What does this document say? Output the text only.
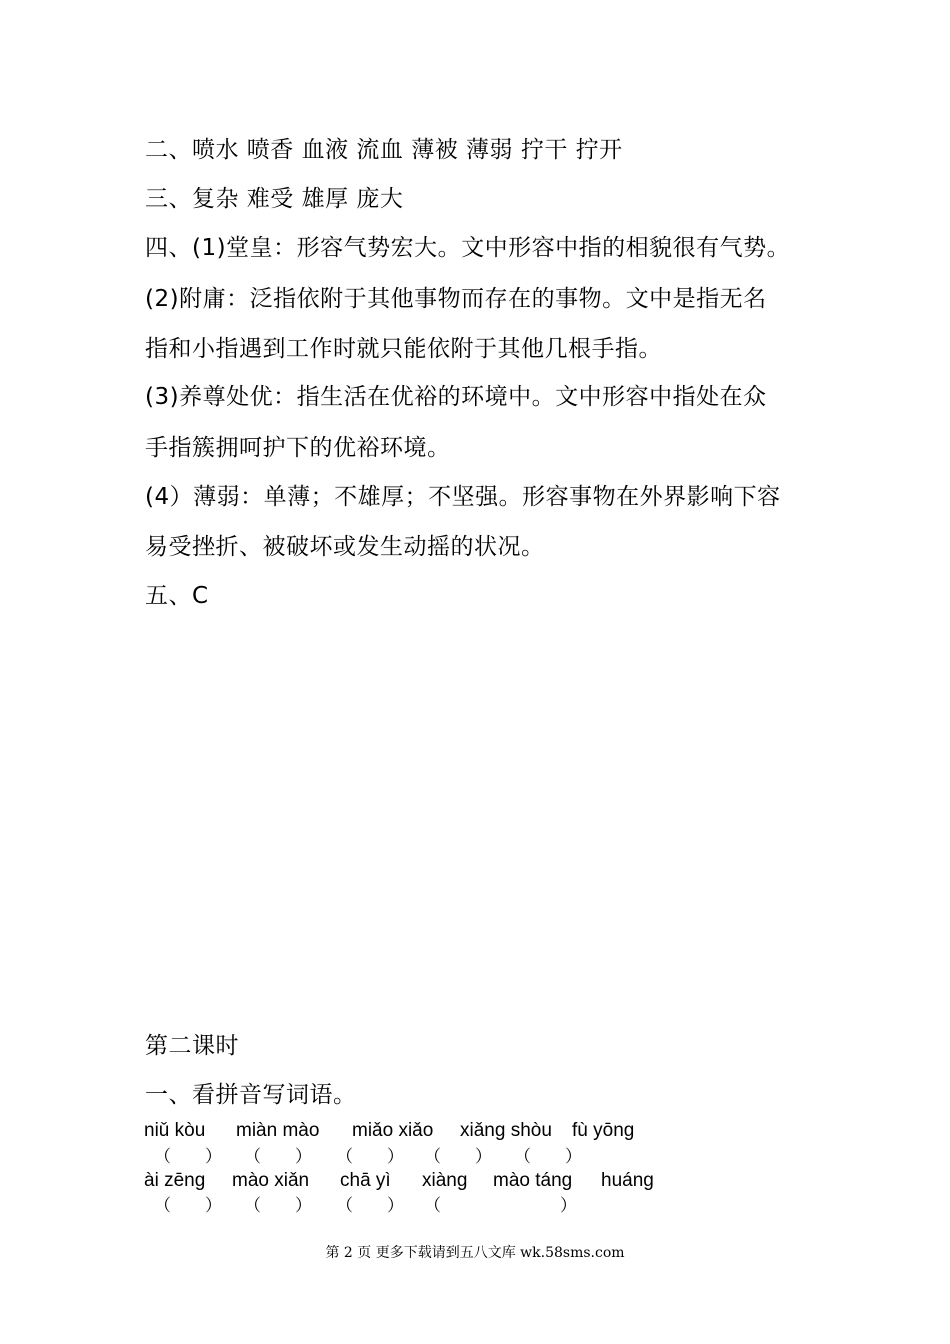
二、喷水 喷香 血液 流血 薄被 薄弱 拧干 拧开
三、复杂 难受 雄厚 庞大
四、(1)堂皇：形容气势宏大。文中形容中指的相貌很有气势。
(2)附庸：泛指依附于其他事物而存在的事物。文中是指无名
指和小指遇到工作时就只能依附于其他几根手指。
(3)养尊处优：指生活在优裕的环境中。文中形容中指处在众
手指簇拥呵护下的优裕环境。
(4）薄弱：单薄；不雄厚；不坚强。形容事物在外界影响下容
易受挫折、被破坏或发生动摇的状况。
五、C
第二课时
一、看拼音写词语。
niǔ kòu miàn mào miǎo xiǎo xiǎng shòu fù yōng
（　　） （　　） （　　） （　　） （　　）
ài zēng mào xiǎn chā yì xiàng mào táng huáng
（　　） （　　） （　　） （　　　　　　　）
第 2 页 更多下载请到五八文库 wk.58sms.com
